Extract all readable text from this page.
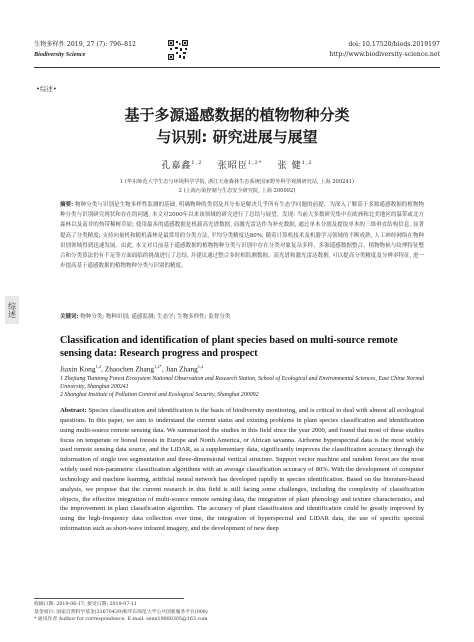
生物多样性 2019, 27 (7): 796–812
Biodiversity Science
doi: 10.17520/biods.2019197
http://www.biodiversity-science.net
•综述•
综述
基于多源遥感数据的植物物种分类
与识别: 研究进展与展望
孔嘉鑫$^{1,2}$ 张昭臣$^{1,2*}$ 张 健$^{1,2}$
1 (华东师范大学生态与环境科学学院, 浙江天童森林生态系统国家野外科学观测研究站, 上海 200241)
2 (上海污染控制与生态安全研究院, 上海 200092)
摘要: 物种分类与识别是生物多样性监测的基础, 明确物种的类别及其分布是解决几乎所有生态学问题的前提。为深入了解基于多源遥感数据的植物物种分类与识别研究现状和存在的问题, 本文对2000年以来该领域的研究进行了总结与展望。发现: 当前大多数研究集中在欧洲和北美地区的温带或北方森林以及南非的热带稀树草原; 使用最多的遥感数据是机载高光谱数据, 而激光雷达作为补充数据, 通过单木分割及提取单木的三维垂直结构信息, 显著提高了分类精度; 支持向量机和随机森林是最常用的分类方法, 平均分类精度达80%; 随着计算机技术及机器学习领域的不断成熟, 人工神经网络在物种识别领域得到迅速发展。由此, 本文对目前基于遥感数据的植物物种分类与识别中存在分类对象复杂多样、多源遥感数据整合、植物物候与纹理特征整合和分类算法仍有不足等方面面临的挑战进行了总结, 并建议通过整合多时相监测数据、高光谱和激光雷达数据, 可以提高分类精度及分辨率特征, 进一步提高基于遥感数据的植物物种分类与识别的精度。
关键词: 物种分类; 物种识别; 遥感监测; 生态学; 生物多样性; 监督分类
Classification and identification of plant species based on multi-source remote sensing data: Research progress and prospect
Jiaxin Kong$^{1,2}$, Zhaochen Zhang$^{1,2*}$, Jian Zhang$^{1,2}$
1 Zhejiang Tiantong Forest Ecosystem National Observation and Research Station, School of Ecological and Environmental Sciences, East China Normal University, Shanghai 200241
2 Shanghai Institute of Pollution Control and Ecological Security, Shanghai 200092
Abstract: Species classification and identification is the basis of biodiversity monitoring, and is critical to deal with almost all ecological questions. In this paper, we aim to understand the current status and existing problems in plant species classification and identification using multi-source remote sensing data. We summarized the studies in this field since the year 2000, and found that most of these studies focus on temperate or boreal forests in Europe and North America, or African savanna. Airborne hyperspectral data is the most widely used remote sensing data source, and the LiDAR, as a supplementary data, significantly improves the classification accuracy through the information of single tree segmentation and three-dimensional vertical structure. Support vector machine and random forest are the most widely used non-parametric classification algorithms with an average classification accuracy of 80%. With the development of computer technology and machine learning, artificial neural network has developed rapidly in species identification. Based on the literature-based analysis, we propose that the current research in this field is still facing some challenges, including the complexity of classification objects, the effective integration of multi-source remote sensing data, the integration of plant phenology and texture characteristics, and the improvement in plant classification algorithm. The accuracy of plant classification and identification could be greatly improved by using the high-frequency data collection over time, the integration of hyperspectral and LiDAR data, the use of specific spectral information such as short-wave infrared imagery, and the development of new deep
收稿日期: 2019-06-17; 接受日期: 2019-07-11
基金项目: 国家自然科学基金(31670439)和华东师范大学公共创新服务平台(008)
* 通讯作者 Author for correspondence. E-mail: sean19880305@163.com
